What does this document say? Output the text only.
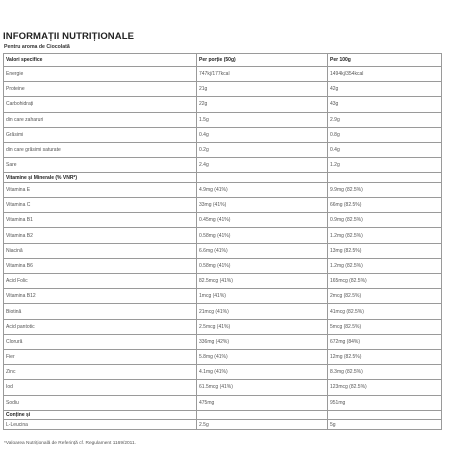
INFORMAȚII NUTRIȚIONALE
Pentru aroma de Ciocolată
Valori specifice	Per porție (50g)	Per 100g
Energie	747kj/177kcal	1494kj/354kcal
Proteine	21g	42g
Carbohidrați	22g	43g
din care zaharuri	1.5g	2.9g
Grăsimi	0.4g	0.8g
din care grăsimi saturate	0.2g	0.4g
Sare	2.4g	1.2g
Vitamine și Minerale (% VNR*)		
Vitamina E	4.9mg (41%)	9.9mg (82.5%)
Vitamina C	33mg (41%)	66mg (82.5%)
Vitamina B1	0.45mg (41%)	0.9mg (82.5%)
Vitamina B2	0.58mg (41%)	1.2mg (82.5%)
Niacină	6.6mg (41%)	13mg (82.5%)
Vitamina B6	0.58mg (41%)	1.2mg (82.5%)
Acid Folic	82.5mcg (41%)	165mcg (82.5%)
Vitamina B12	1mcg (41%)	2mcg (82.5%)
Biotină	21mcg (41%)	41mcg (82.5%)
Acid pantotic	2.5mcg (41%)	5mcg (82.5%)
Clorură	336mg (42%)	672mg (84%)
Fier	5.8mg (41%)	12mg (82.5%)
Zinc	4.1mg (41%)	8.3mg (82.5%)
Iod	61.5mcg (41%)	123mcg (82.5%)
Sodiu	475mg	951mg
Conține și		
L-Leucina	2.5g	5g
*Valoarea Nutrițională de Referință cf. Regulament 1169/2011.
